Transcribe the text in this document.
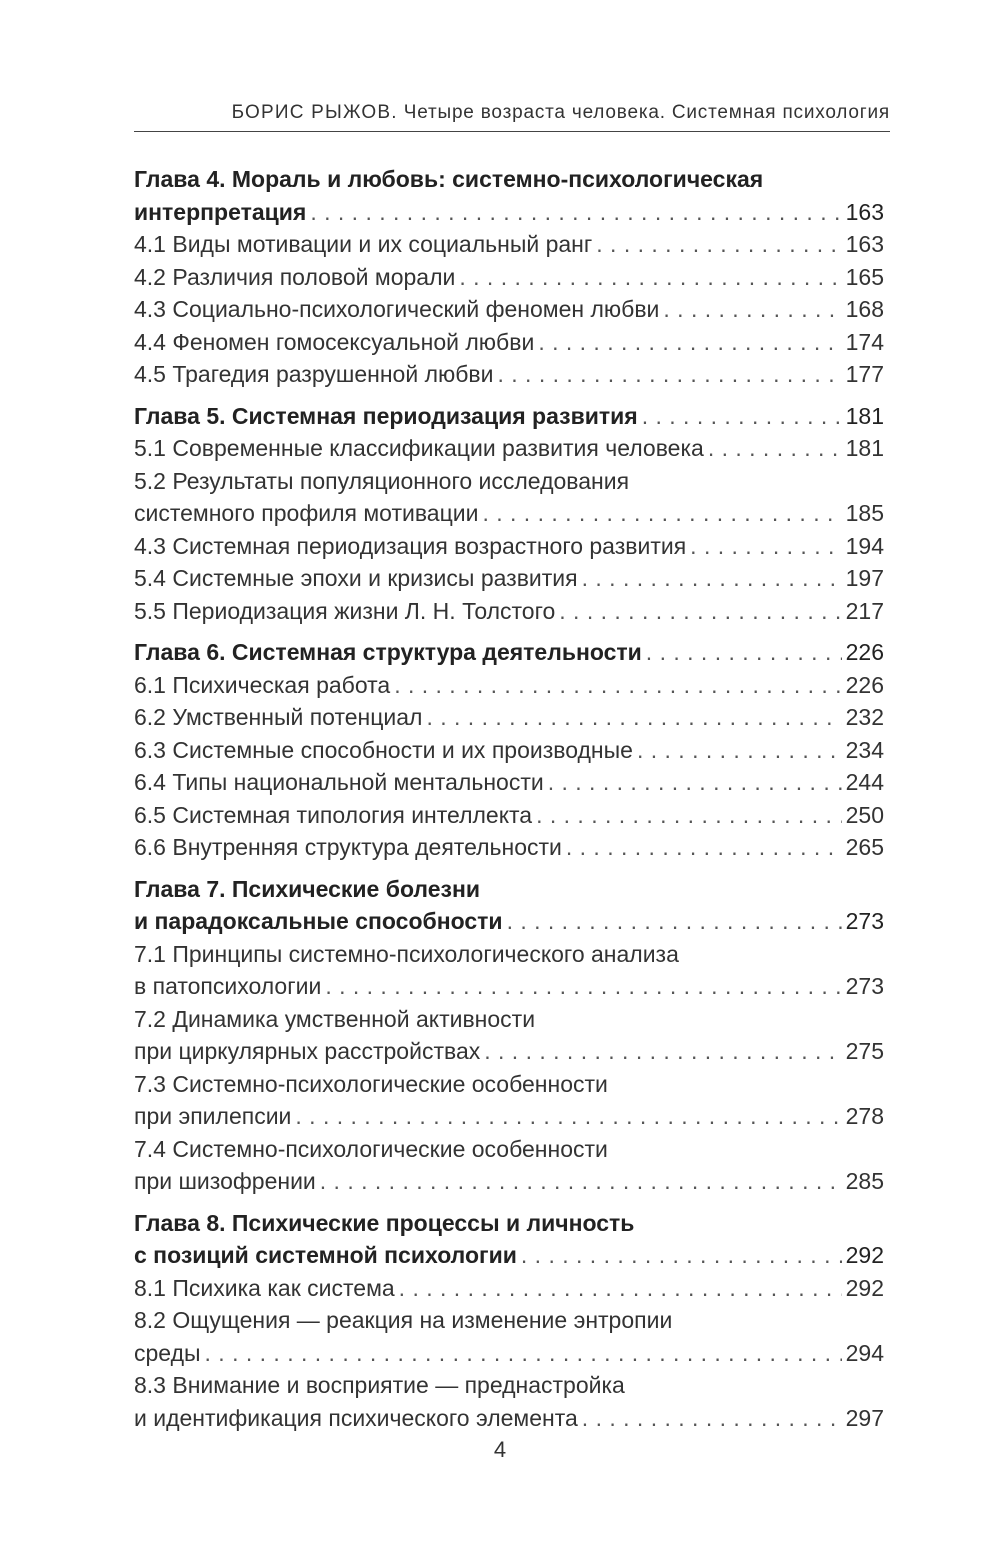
БОРИС РЫЖОВ. Четыре возраста человека. Системная психология
Глава 4. Мораль и любовь: системно-психологическая
интерпретация . . .	163
4.1 Виды мотивации и их социальный ранг . . .	163
4.2 Различия половой морали . . .	165
4.3 Социально-психологический феномен любви . . .	168
4.4 Феномен гомосексуальной любви . . .	174
4.5 Трагедия разрушенной любви . . .	177
Глава 5. Системная периодизация развития . . .	181
5.1 Современные классификации развития человека . . .	181
5.2 Результаты популяционного исследования
системного профиля мотивации . . .	185
4.3 Системная периодизация возрастного развития . . .	194
5.4 Системные эпохи и кризисы развития . . .	197
5.5 Периодизация жизни Л. Н. Толстого . . .	217
Глава 6. Системная структура деятельности . . .	226
6.1 Психическая работа . . .	226
6.2 Умственный потенциал . . .	232
6.3 Системные способности и их производные . . .	234
6.4 Типы национальной ментальности . . .	244
6.5 Системная типология интеллекта . . .	250
6.6 Внутренняя структура деятельности . . .	265
Глава 7. Психические болезни
и парадоксальные способности . . .	273
7.1 Принципы системно-психологического анализа
в патопсихологии . . .	273
7.2 Динамика умственной активности
при циркулярных расстройствах . . .	275
7.3 Системно-психологические особенности
при эпилепсии . . .	278
7.4 Системно-психологические особенности
при шизофрении . . .	285
Глава 8. Психические процессы и личность
с позиций системной психологии . . .	292
8.1 Психика как система . . .	292
8.2 Ощущения — реакция на изменение энтропии
среды . . .	294
8.3 Внимание и восприятие — преднастройка
и идентификация психического элемента . . .	297
4
